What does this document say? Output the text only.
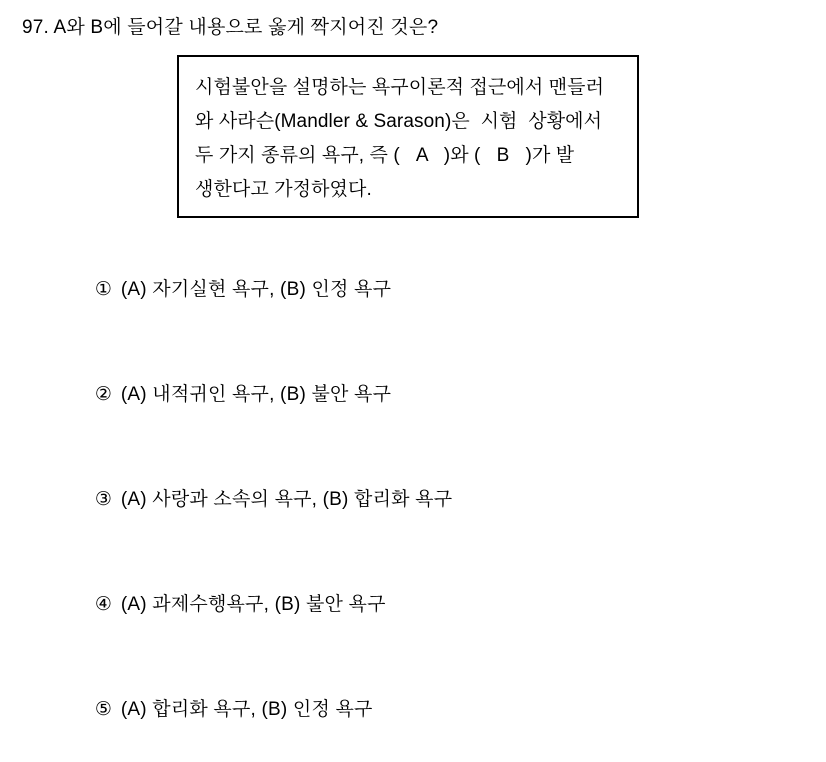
97. A와 B에 들어갈 내용으로 옳게 짝지어진 것은?
시험불안을 설명하는 욕구이론적 접근에서 맨들러
와 사라슨(Mandler & Sarason)은  시험  상황에서
두 가지 종류의 욕구, 즉 (   A   )와 (   B   )가 발
생한다고 가정하였다.

① (A) 자기실현 욕구, (B) 인정 욕구

② (A) 내적귀인 욕구, (B) 불안 욕구

③ (A) 사랑과 소속의 욕구, (B) 합리화 욕구

④ (A) 과제수행욕구, (B) 불안 욕구

⑤ (A) 합리화 욕구, (B) 인정 욕구
